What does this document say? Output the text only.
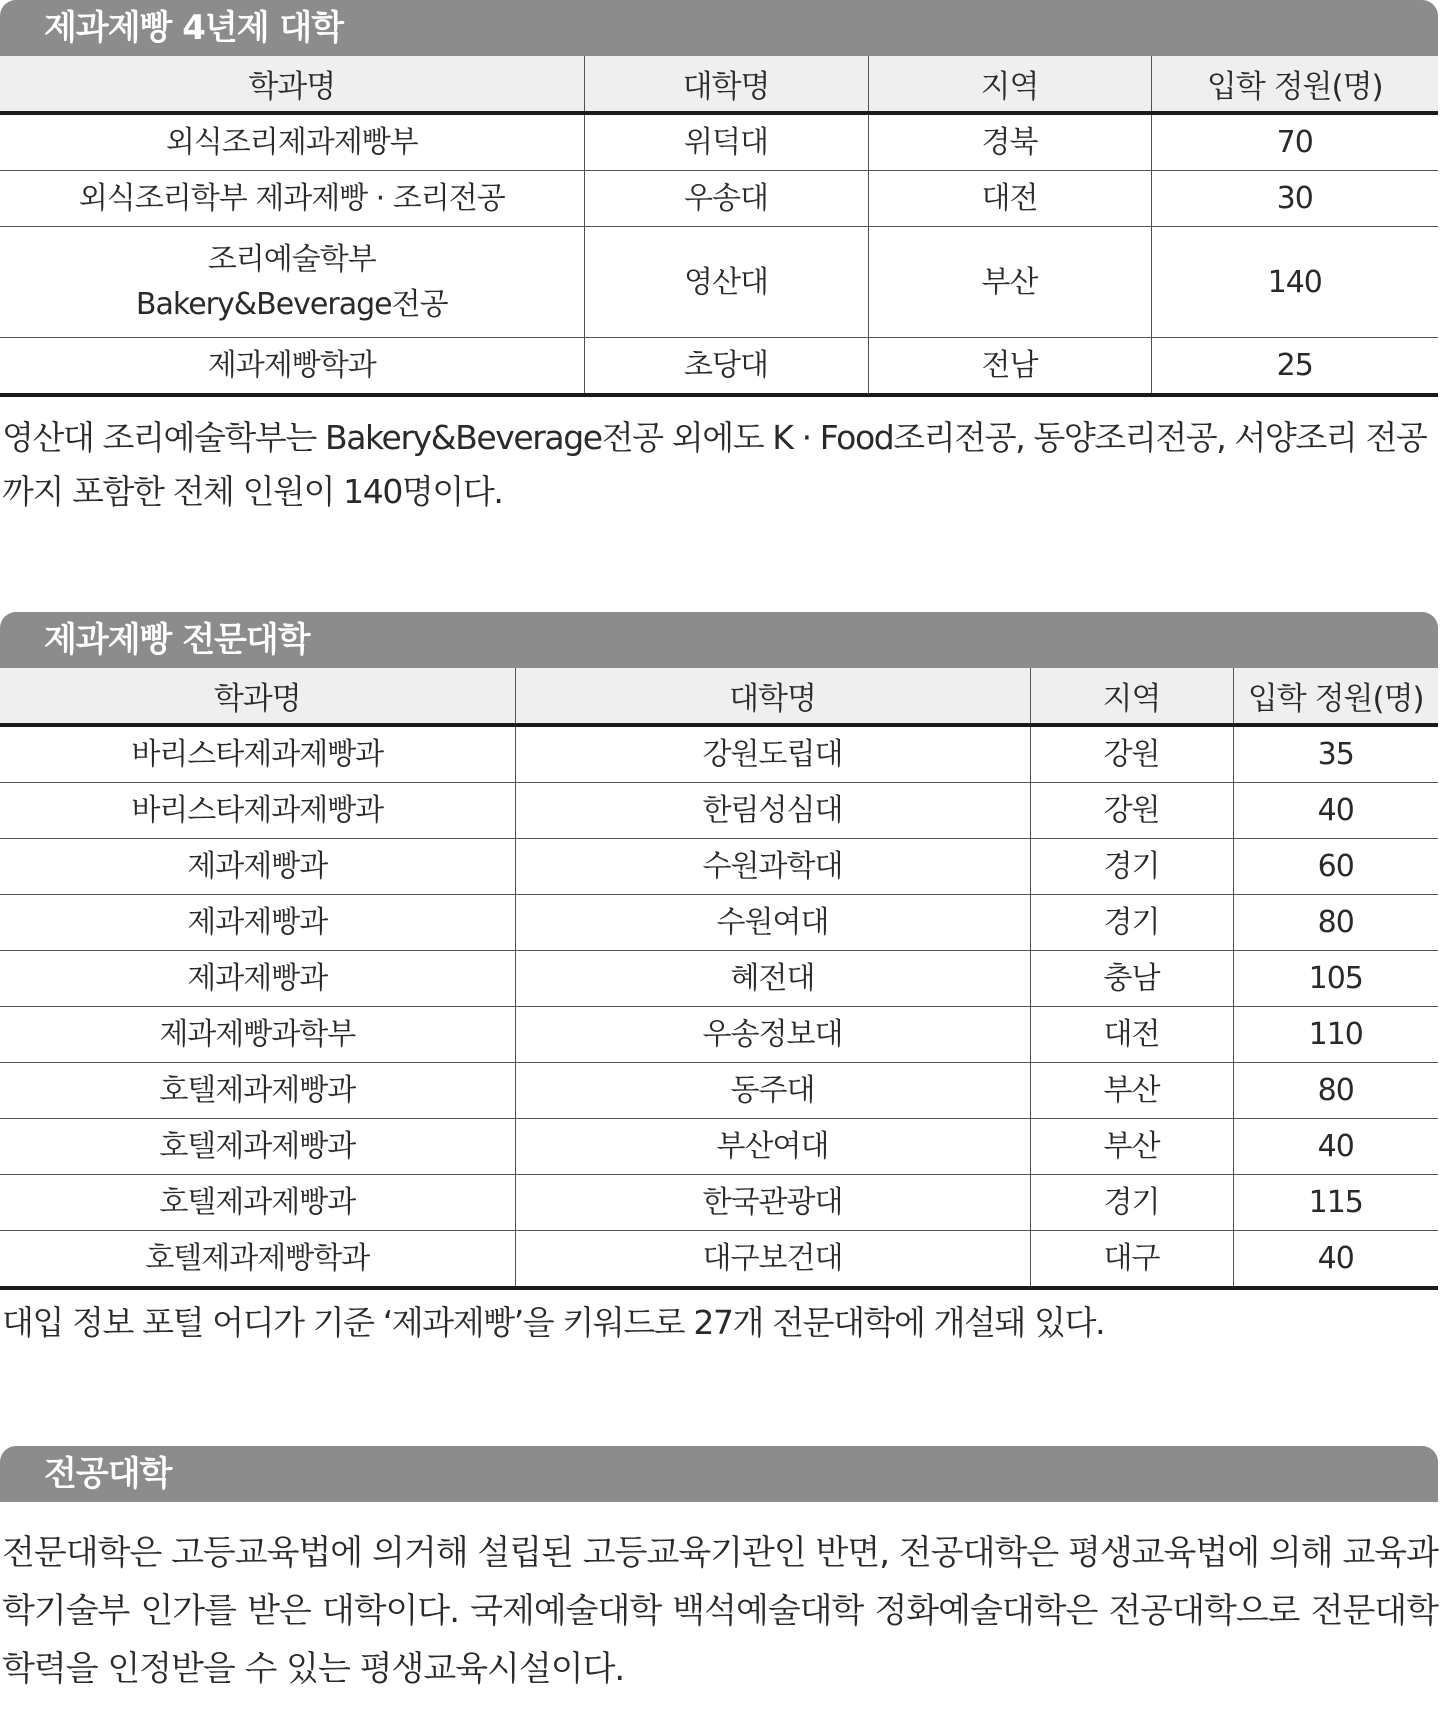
제과제빵 4년제 대학
학과명	대학명	지역	입학 정원(명)
외식조리제과제빵부	위덕대	경북	70
외식조리학부 제과제빵 · 조리전공	우송대	대전	30

조리예술학부
Bakery&Beverage전공	영산대	부산	140
제과제빵학과	초당대	전남	25

영산대 조리예술학부는 Bakery&Beverage전공 외에도 K · Food조리전공, 동양조리전공, 서양조리 전공까지 포함한 전체 인원이 140명이다.

제과제빵 전문대학
학과명	대학명	지역	입학 정원(명)
바리스타제과제빵과	강원도립대	강원	35
바리스타제과제빵과	한림성심대	강원	40
제과제빵과	수원과학대	경기	60
제과제빵과	수원여대	경기	80
제과제빵과	혜전대	충남	105
제과제빵과학부	우송정보대	대전	110
호텔제과제빵과	동주대	부산	80
호텔제과제빵과	부산여대	부산	40
호텔제과제빵과	한국관광대	경기	115
호텔제과제빵학과	대구보건대	대구	40

대입 정보 포털 어디가 기준 ‘제과제빵’을 키워드로 27개 전문대학에 개설돼 있다.

전공대학

전문대학은 고등교육법에 의거해 설립된 고등교육기관인 반면, 전공대학은 평생교육법에 의해 교육과학기술부 인가를 받은 대학이다. 국제예술대학 백석예술대학 정화예술대학은 전공대학으로 전문대학 학력을 인정받을 수 있는 평생교육시설이다.
